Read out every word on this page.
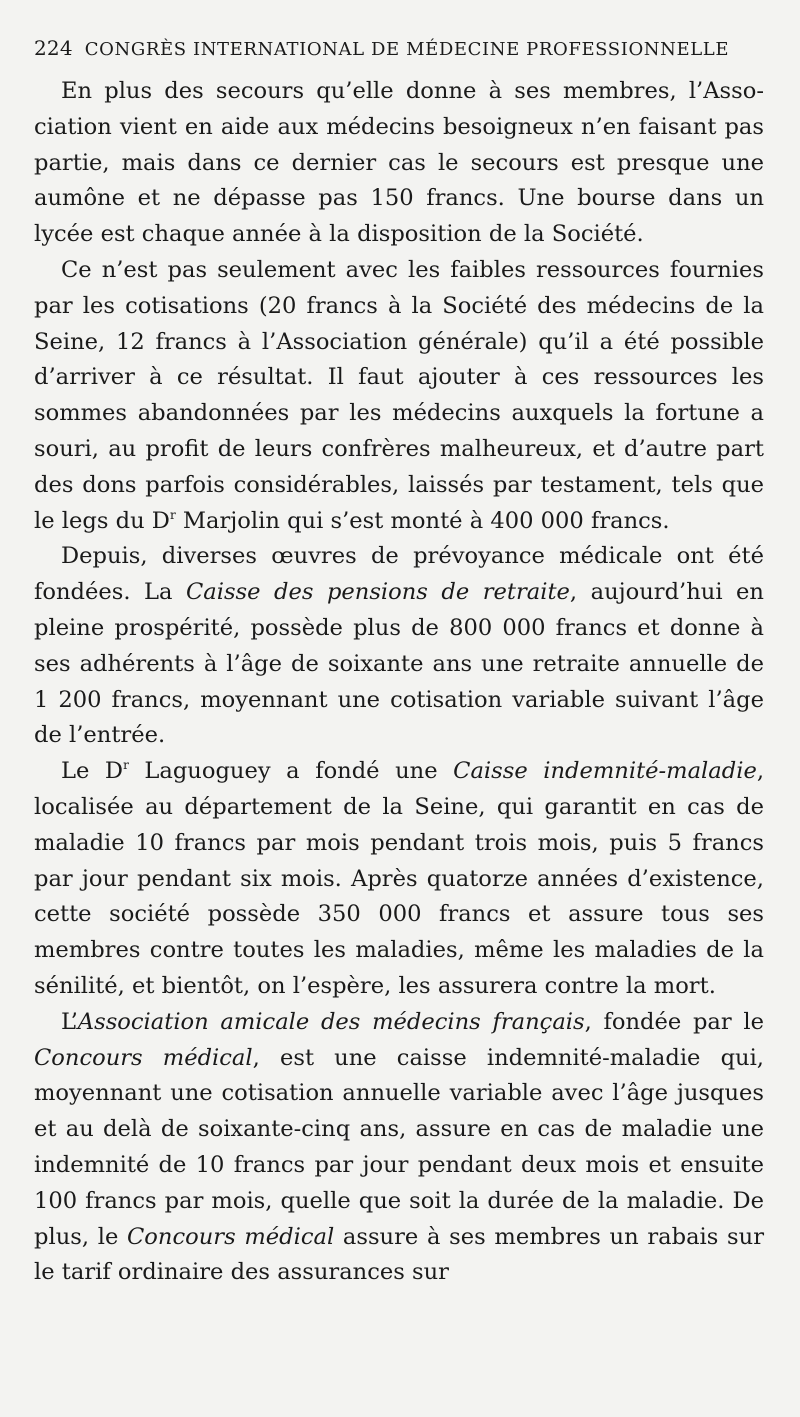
224 CONGRÈS INTERNATIONAL DE MÉDECINE PROFESSIONNELLE

En plus des secours qu’elle donne à ses membres, l’Association vient en aide aux médecins besoigneux n’en faisant pas partie, mais dans ce dernier cas le secours est presque une aumône et ne dépasse pas 150 francs. Une bourse dans un lycée est chaque année à la disposition de la Société.

Ce n’est pas seulement avec les faibles ressources fournies par les cotisations (20 francs à la Société des médecins de la Seine, 12 francs à l’Association générale) qu’il a été possible d’arriver à ce résultat. Il faut ajouter à ces ressources les sommes abandonnées par les médecins auxquels la fortune a souri, au profit de leurs confrères malheureux, et d’autre part des dons parfois considérables, laissés par testament, tels que le legs du $D^r$ Marjolin qui s’est monté à 400 000 francs.

Depuis, diverses œuvres de prévoyance médicale ont été fondées. La Caisse des pensions de retraite, aujourd’hui en pleine prospérité, possède plus de 800 000 francs et donne à ses adhérents à l’âge de soixante ans une retraite annuelle de 1 200 francs, moyennant une cotisation variable suivant l’âge de l’entrée.

Le $D^r$ Laguoguey a fondé une Caisse indemnité-maladie, localisée au département de la Seine, qui garantit en cas de maladie 10 francs par mois pendant trois mois, puis 5 francs par jour pendant six mois. Après quatorze années d’existence, cette société possède 350 000 francs et assure tous ses membres contre toutes les maladies, même les maladies de la sénilité, et bientôt, on l’espère, les assurera contre la mort.

L’Association amicale des médecins français, fondée par le Concours médical, est une caisse indemnité-maladie qui, moyennant une cotisation annuelle variable avec l’âge jusques et au delà de soixante-cinq ans, assure en cas de maladie une indemnité de 10 francs par jour pendant deux mois et ensuite 100 francs par mois, quelle que soit la durée de la maladie. De plus, le Concours médical assure à ses membres un rabais sur le tarif ordinaire des assurances sur
